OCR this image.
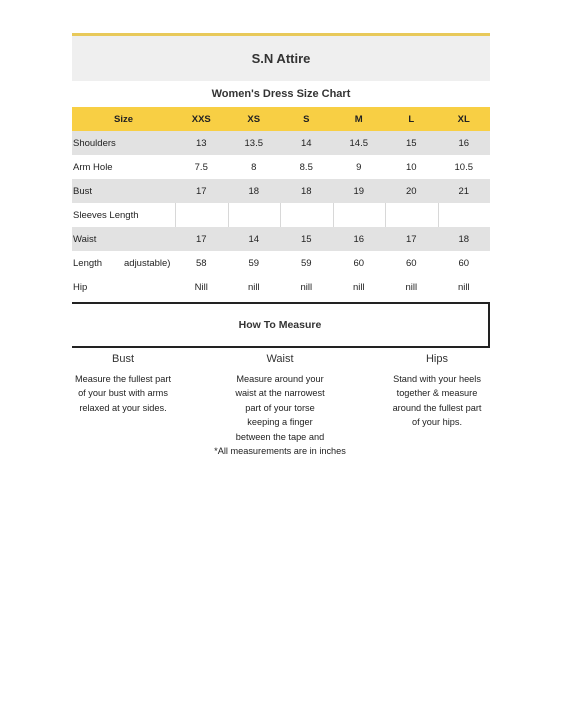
S.N Attire
Women's Dress Size Chart
Size	XXS	XS	S	M	L	XL
Shoulders	13	13.5	14	14.5	15	16
Arm Hole	7.5	8	8.5	9	10	10.5
Bust	17	18	18	19	20	21
Sleeves Length
Waist	17	14	15	16	17	18
Length adjustable)	58	59	59	60	60	60
Hip	Nill	nill	nill	nill	nill	nill
How To Measure
Bust

Measure the fullest part

of your bust with arms

relaxed at your sides.

Waist

Measure around your

waist at the narrowest

part of your torse

keeping a finger

between the tape and

*All measurements are in inches

Hips

Stand with your heels

together & measure

around the fullest part

of your hips.
